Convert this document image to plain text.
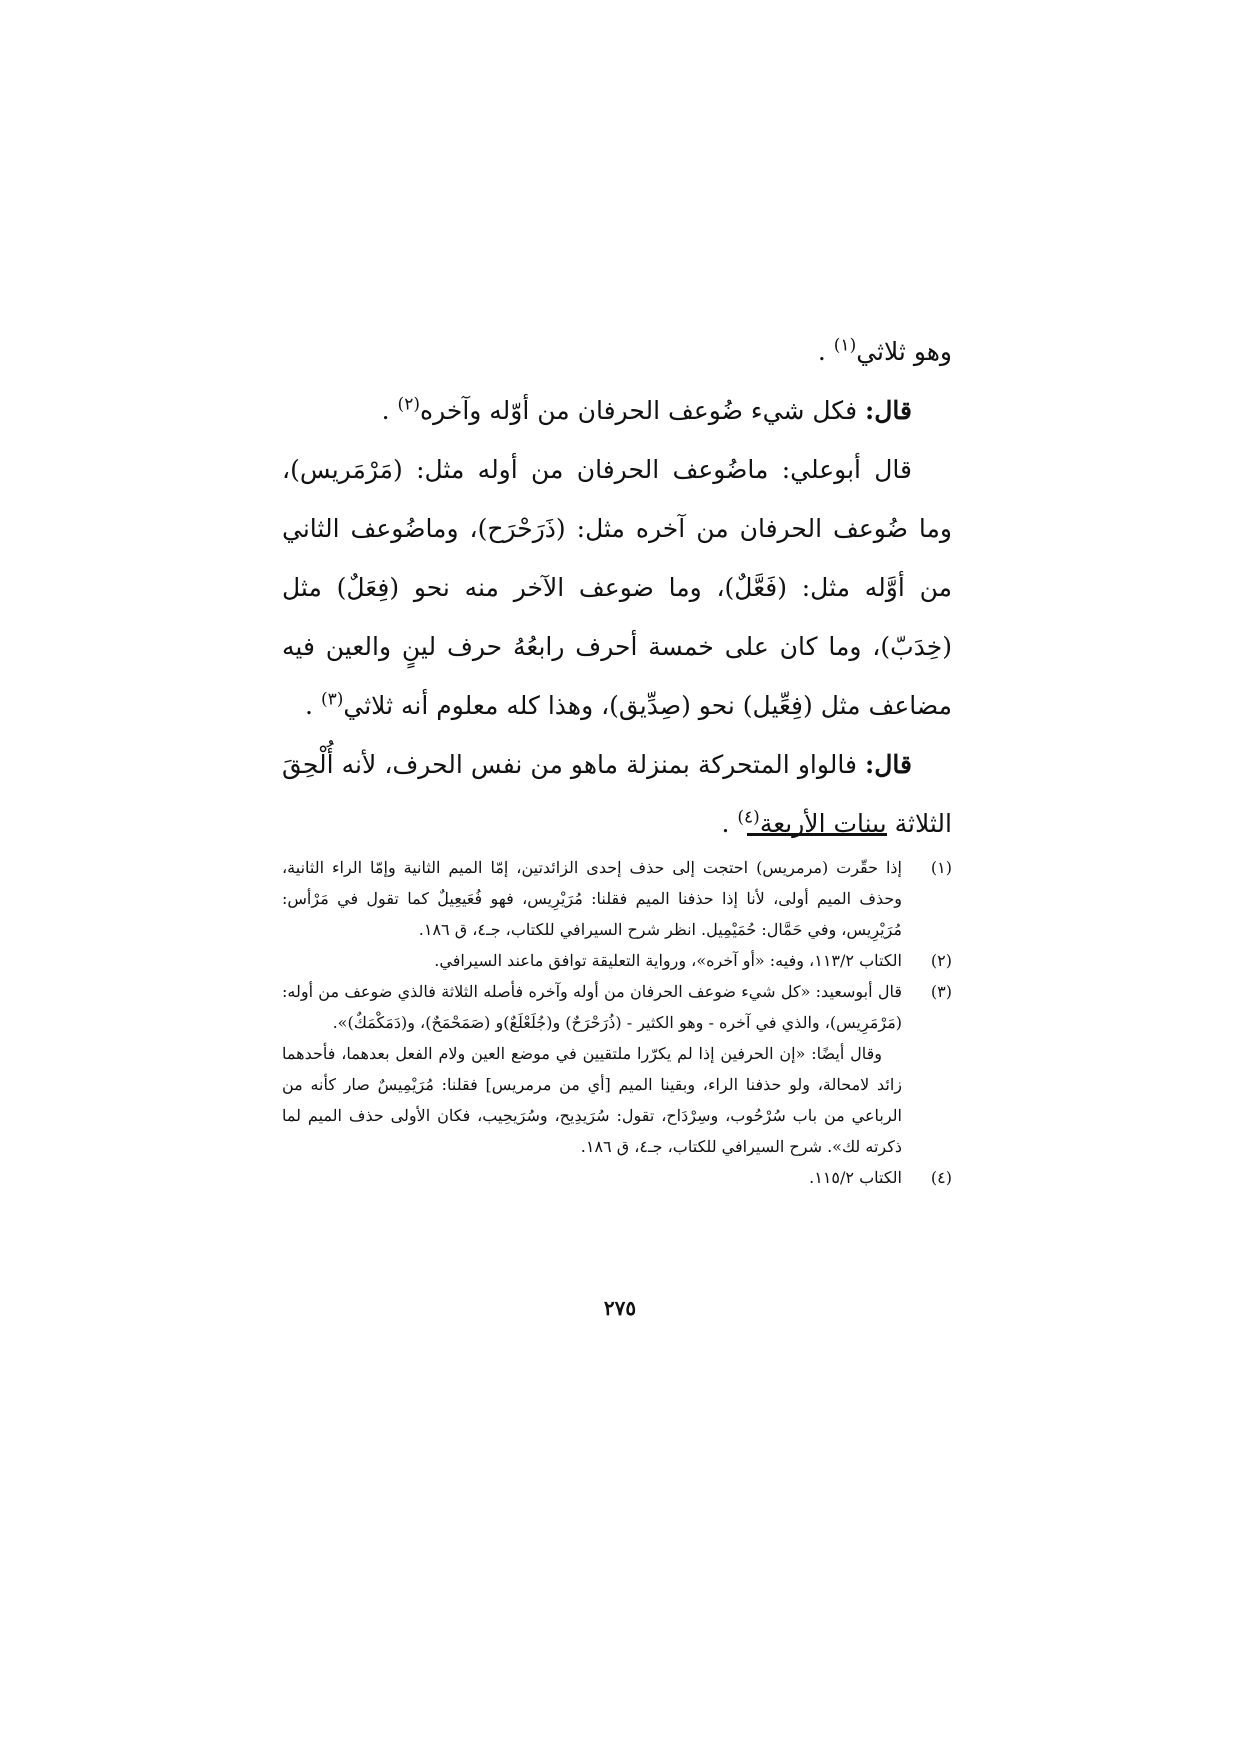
وهو ثلاثي$^{(١)}$ .

قال: فكل شيء ضُوعف الحرفان من أوّله وآخره$^{(٢)}$ .

قال أبوعلي: ماضُوعف الحرفان من أوله مثل: (مَرْمَريس)، وما ضُوعف الحرفان من آخره مثل: (ذَرَحْرَح)، وماضُوعف الثاني من أوَّله مثل: (فَعَّلٌ)، وما ضوعف الآخر منه نحو (فِعَلٌ) مثل (خِدَبّ)، وما كان على خمسة أحرف رابعُهُ حرف لينٍ والعين فيه مضاعف مثل (فِعِّيل) نحو (صِدِّيق)، وهذا كله معلوم أنه ثلاثي$^{(٣)}$ .

قال: فالواو المتحركة بمنزلة ماهو من نفس الحرف، لأنه أُلْحِقَ الثلاثة ببنات الأربعة$^{(٤)}$ .

(١)
إذا حقّرت (مرمريس) احتجت إلى حذف إحدى الزائدتين، إمّا الميم الثانية وإمّا الراء الثانية، وحذف الميم أولى، لأنا إذا حذفنا الميم فقلنا: مُرَيْرِيس، فهو فُعَيعِيلٌ كما تقول في مَرْأس: مُرَيْرِيس، وفي حَمَّال: حُمَيْمِيل. انظر شرح السيرافي للكتاب، جـ٤، ق ١٨٦.

(٢)
الكتاب ١١٣/٢، وفيه: «أو آخره»، ورواية التعليقة توافق ماعند السيرافي.

(٣)
قال أبوسعيد: «كل شيء ضوعف الحرفان من أوله وآخره فأصله الثلاثة فالذي ضوعف من أوله: (مَرْمَرِيس)، والذي في آخره - وهو الكثير - (ذُرَحْرَحٌ) و(جُلَعْلَعٌ)و (صَمَحْمَحٌ)، و(دَمَكْمَكٌ)».

وقال أيضًا: «إن الحرفين إذا لم يكرّرا ملتقيين في موضع العين ولام الفعل بعدهما، فأحدهما زائد لامحالة، ولو حذفنا الراء، وبقينا الميم [أي من مرمريس] فقلنا: مُرَيْمِيسٌ صار كأنه من الرباعي من باب سُرْحُوب، وسِرْدَاح، تقول: سُرَيدِيح، وسُرَيحِيب، فكان الأولى حذف الميم لما ذكرته لك». شرح السيرافي للكتاب، جـ٤، ق ١٨٦.

(٤)
الكتاب ١١٥/٢.

٢٧٥
